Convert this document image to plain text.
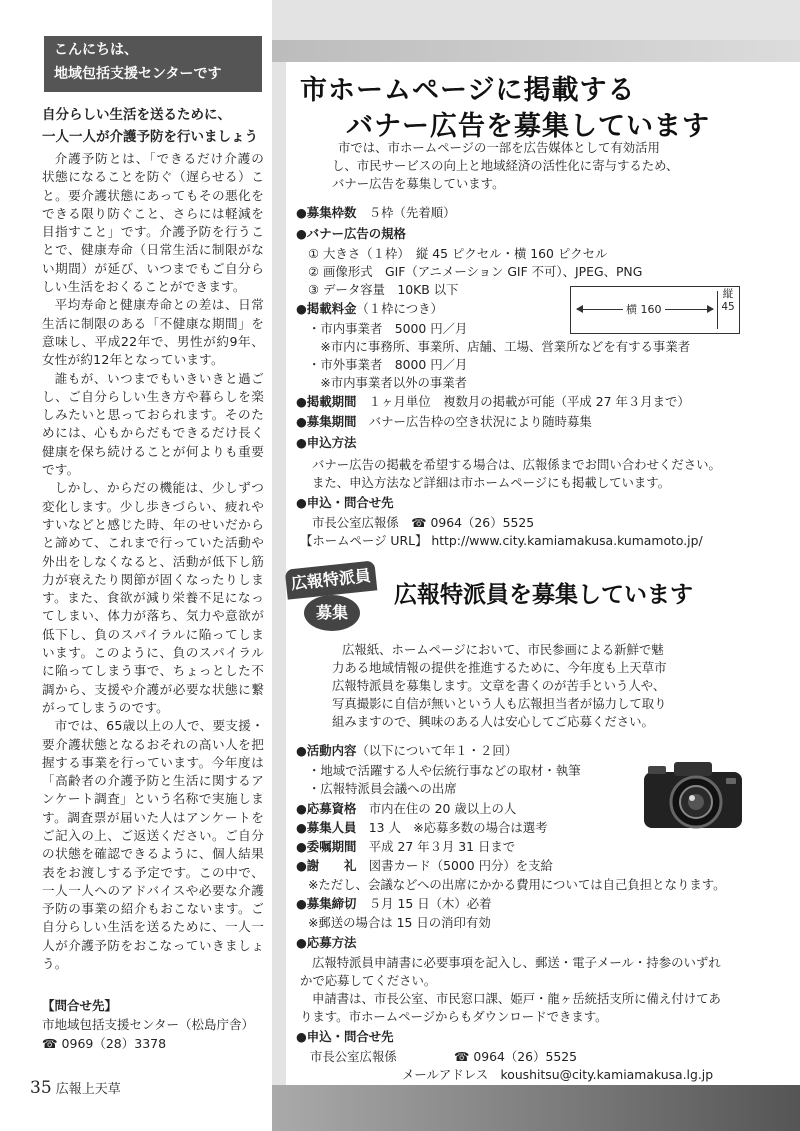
こんにちは、
地域包括支援センターです
自分らしい生活を送るために、
一人一人が介護予防を行いましょう

介護予防とは、「できるだけ介護の状態になることを防ぐ（遅らせる）こと。要介護状態にあってもその悪化をできる限り防ぐこと、さらには軽減を目指すこと」です。介護予防を行うことで、健康寿命（日常生活に制限がない期間）が延び、いつまでもご自分らしい生活をおくることができます。

平均寿命と健康寿命との差は、日常生活に制限のある「不健康な期間」を意味し、平成22年で、男性が約9年、女性が約12年となっています。

誰もが、いつまでもいきいきと過ごし、ご自分らしい生き方や暮らしを楽しみたいと思っておられます。そのためには、心もからだもできるだけ長く健康を保ち続けることが何よりも重要です。

しかし、からだの機能は、少しずつ変化します。少し歩きづらい、疲れやすいなどと感じた時、年のせいだからと諦めて、これまで行っていた活動や外出をしなくなると、活動が低下し筋力が衰えたり関節が固くなったりします。また、食欲が減り栄養不足になってしまい、体力が落ち、気力や意欲が低下し、負のスパイラルに陥ってしまいます。このように、負のスパイラルに陥ってしまう事で、ちょっとした不調から、支援や介護が必要な状態に繋がってしまうのです。

市では、65歳以上の人で、要支援・要介護状態となるおそれの高い人を把握する事業を行っています。今年度は「高齢者の介護予防と生活に関するアンケート調査」という名称で実施します。調査票が届いた人はアンケートをご記入の上、ご返送ください。ご自分の状態を確認できるように、個人結果表をお渡しする予定です。この中で、一人一人へのアドバイスや必要な介護予防の事業の紹介もおこないます。ご自分らしい生活を送るために、一人一人が介護予防をおこなっていきましょう。

【問合せ先】
市地域包括支援センター（松島庁舎）
☎ 0969（28）3378
35 広報上天草
市ホームページに掲載する
バナー広告を募集しています
市では、市ホームページの一部を広告媒体として有効活用
し、市民サービスの向上と地域経済の活性化に寄与するため、
バナー広告を募集しています。
●募集枠数　 ５枠（先着順）
●バナー広告の規格
① 大きさ（１枠）　縦 45 ピクセル・横 160 ピクセル
② 画像形式　GIF（アニメーション GIF 不可）、JPEG、PNG
③ データ容量　10KB 以下
横 160
縦 45
●掲載料金（１枠につき）
・市内事業者　5000 円／月
　※市内に事務所、事業所、店舗、工場、営業所などを有する事業者
・市外事業者　8000 円／月
　※市内事業者以外の事業者
●掲載期間　 １ヶ月単位　複数月の掲載が可能（平成 27 年３月まで）
●募集期間　 バナー広告枠の空き状況により随時募集
●申込方法
バナー広告の掲載を希望する場合は、広報係までお問い合わせください。
また、申込方法など詳細は市ホームページにも掲載しています。
●申込・問合せ先
市長公室広報係　☎ 0964（26）5525
【ホームページ URL】 http://www.city.kamiamakusa.kumamoto.jp/
広報特派員
募集
広報特派員を募集しています
広報紙、ホームページにおいて、市民参画による新鮮で魅
力ある地域情報の提供を推進するために、今年度も上天草市
広報特派員を募集します。文章を書くのが苦手という人や、
写真撮影に自信が無いという人も広報担当者が協力して取り
組みますので、興味のある人は安心してご応募ください。
●活動内容（以下について年１・２回）
・地域で活躍する人や伝統行事などの取材・執筆
・広報特派員会議への出席
●応募資格　 市内在住の 20 歳以上の人
●募集人員　 13 人　※応募多数の場合は選考
●委嘱期間　 平成 27 年３月 31 日まで
●謝　　礼　 図書カード（5000 円分）を支給
※ただし、会議などへの出席にかかる費用については自己負担となります。
●募集締切　 ５月 15 日（木）必着
※郵送の場合は 15 日の消印有効
●応募方法
広報特派員申請書に必要事項を記入し、郵送・電子メール・持参のいずれ
かで応募してください。
申請書は、市長公室、市民窓口課、姫戸・龍ヶ岳統括支所に備え付けてあ
ります。市ホームページからもダウンロードできます。
●申込・問合せ先
市長公室広報係	☎ 0964（26）5525
メールアドレス　koushitsu@city.kamiamakusa.lg.jp
